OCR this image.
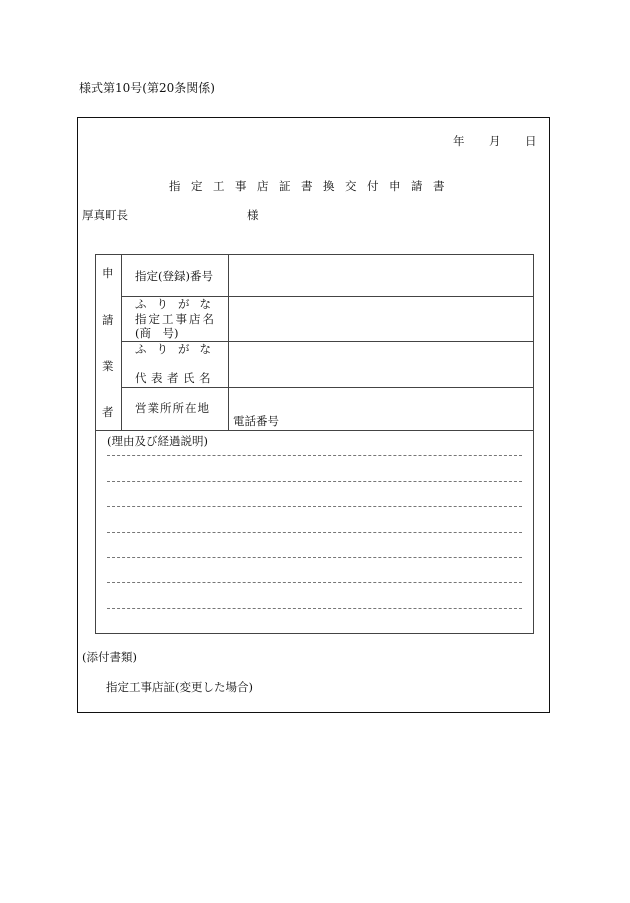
様式第10号(第20条関係)
年 月 日
指定工事店証書換交付申請書
厚真町長	様
申
請
業
者
指定(登録)番号
ふりがな
指定工事店名
(商　号)
ふりがな
代表者氏名
営業所所在地
電話番号
(理由及び経過説明)
(添付書類)
指定工事店証(変更した場合)
